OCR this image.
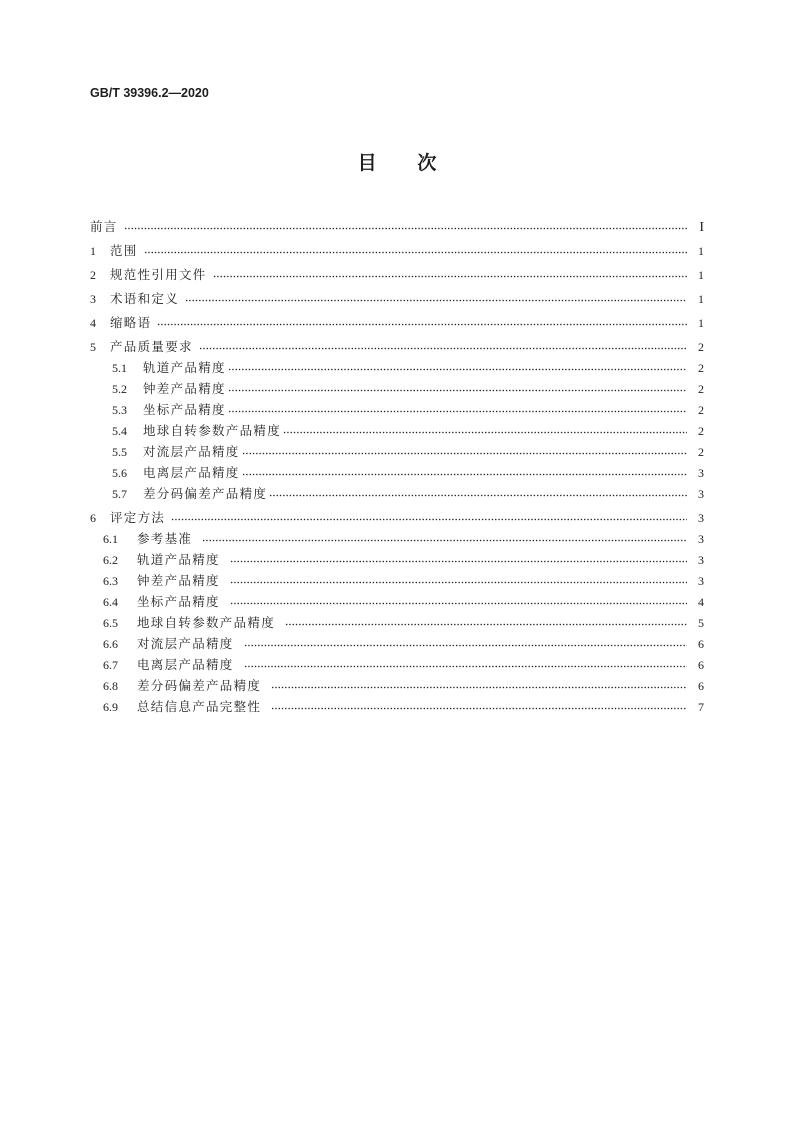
GB/T 39396.2—2020
目 次
前言	I
1	范围	1
2	规范性引用文件	1
3	术语和定义	1
4	缩略语	1
5	产品质量要求	2
5.1	轨道产品精度	2
5.2	钟差产品精度	2
5.3	坐标产品精度	2
5.4	地球自转参数产品精度	2
5.5	对流层产品精度	2
5.6	电离层产品精度	3
5.7	差分码偏差产品精度	3
6	评定方法	3
6.1	参考基准	3
6.2	轨道产品精度	3
6.3	钟差产品精度	3
6.4	坐标产品精度	4
6.5	地球自转参数产品精度	5
6.6	对流层产品精度	6
6.7	电离层产品精度	6
6.8	差分码偏差产品精度	6
6.9	总结信息产品完整性	7
